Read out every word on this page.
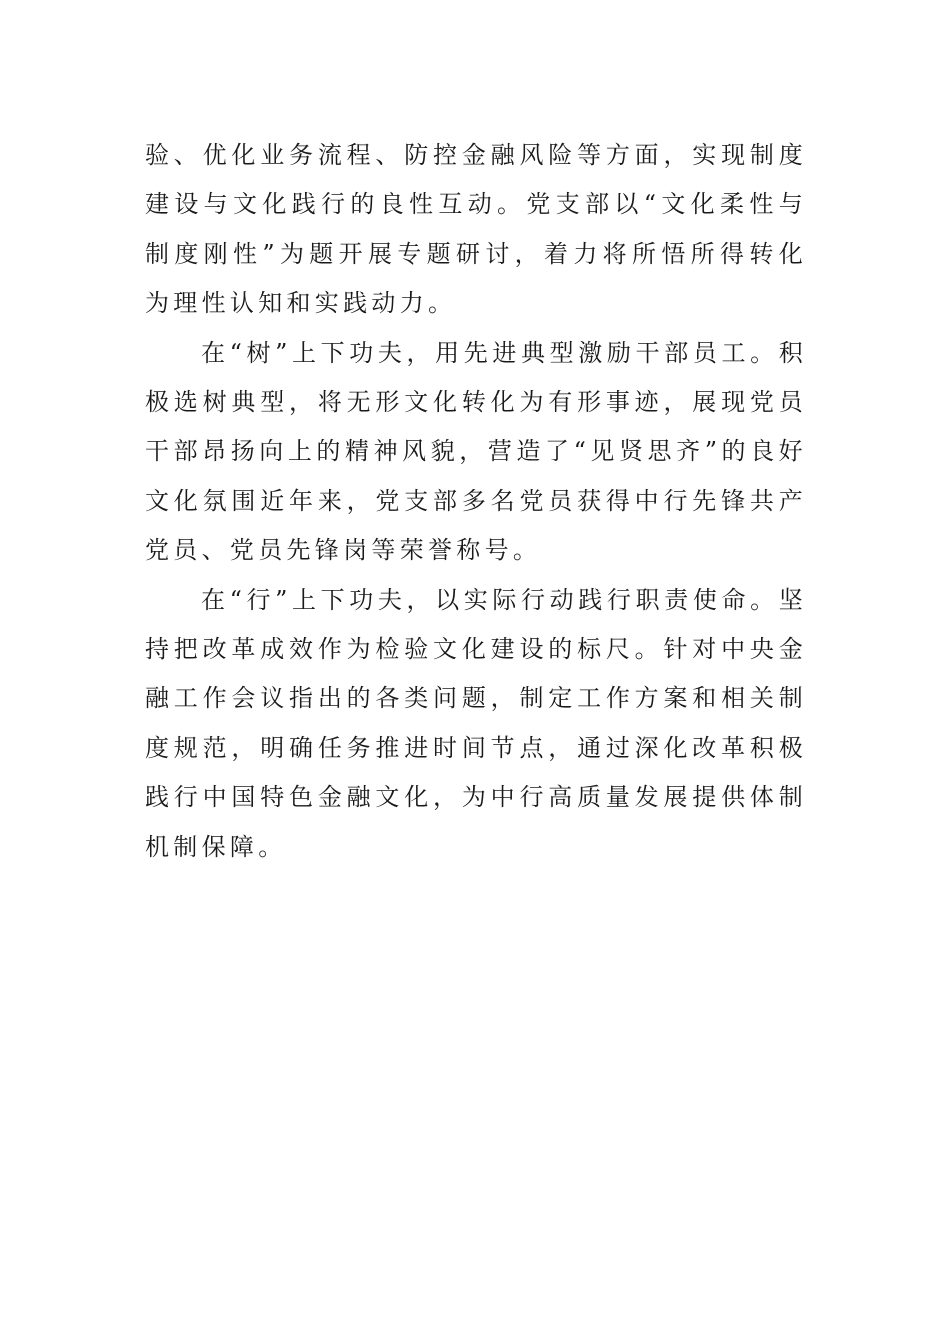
验、优化业务流程、防控金融风险等方面，实现制度建设与文化践行的良性互动。党支部以“文化柔性与制度刚性”为题开展专题研讨，着力将所悟所得转化为理性认知和实践动力。

在“树”上下功夫，用先进典型激励干部员工。积极选树典型，将无形文化转化为有形事迹，展现党员干部昂扬向上的精神风貌，营造了“见贤思齐”的良好文化氛围近年来，党支部多名党员获得中行先锋共产党员、党员先锋岗等荣誉称号。

在“行”上下功夫，以实际行动践行职责使命。坚持把改革成效作为检验文化建设的标尺。针对中央金融工作会议指出的各类问题，制定工作方案和相关制度规范，明确任务推进时间节点，通过深化改革积极践行中国特色金融文化，为中行高质量发展提供体制机制保障。
